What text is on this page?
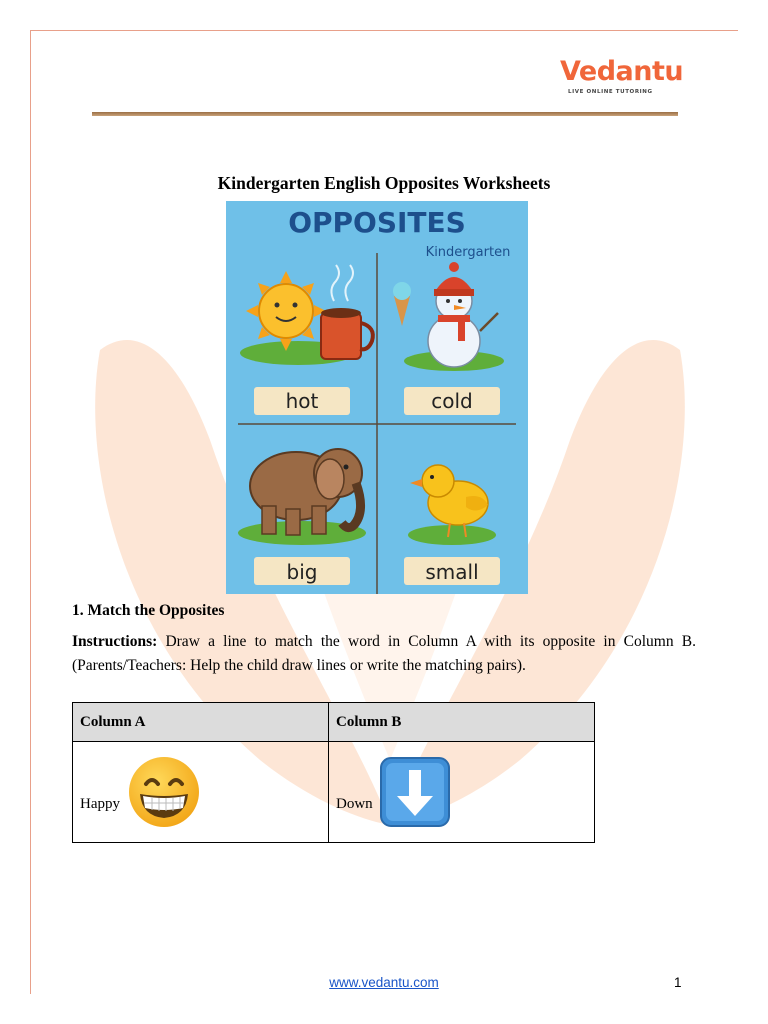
Vedantu
LIVE ONLINE TUTORING
Kindergarten English Opposites Worksheets
OPPOSITES
Kindergarten
hot	cold
big	small
1. Match the Opposites
Instructions: Draw a line to match the word in Column A with its opposite in Column B. (Parents/Teachers: Help the child draw lines or write the matching pairs).
Column A	Column B

Happy	Down
www.vedantu.com	1
